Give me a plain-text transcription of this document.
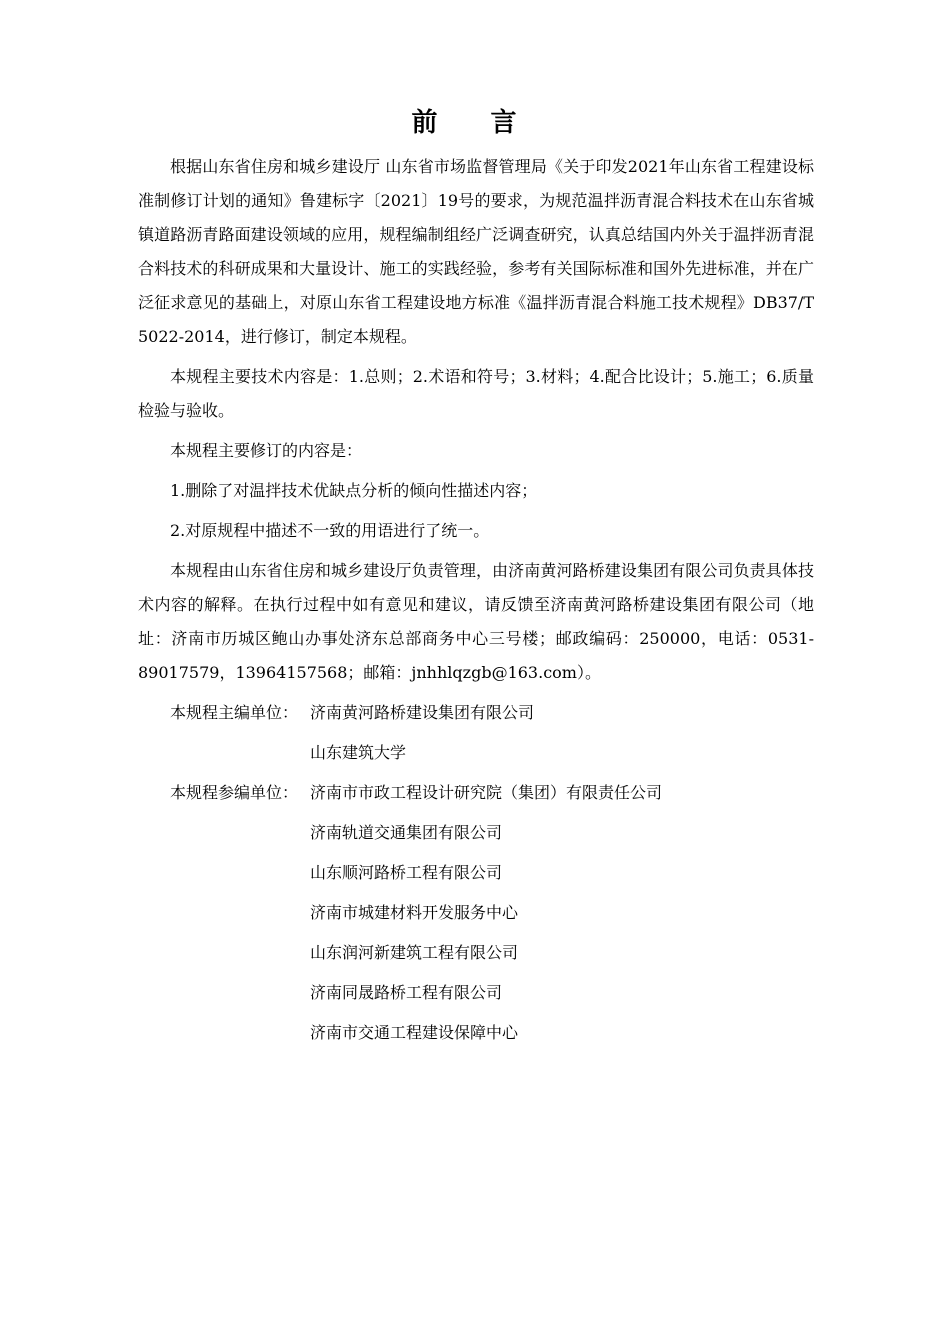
前 言

根据山东省住房和城乡建设厅 山东省市场监督管理局《关于印发2021年山东省工程建设标准制修订计划的通知》鲁建标字〔2021〕19号的要求，为规范温拌沥青混合料技术在山东省城镇道路沥青路面建设领域的应用，规程编制组经广泛调查研究，认真总结国内外关于温拌沥青混合料技术的科研成果和大量设计、施工的实践经验，参考有关国际标准和国外先进标准，并在广泛征求意见的基础上，对原山东省工程建设地方标准《温拌沥青混合料施工技术规程》DB37/T 5022-2014，进行修订，制定本规程。

本规程主要技术内容是：1.总则；2.术语和符号；3.材料；4.配合比设计；5.施工；6.质量检验与验收。

本规程主要修订的内容是：

1.删除了对温拌技术优缺点分析的倾向性描述内容；

2.对原规程中描述不一致的用语进行了统一。

本规程由山东省住房和城乡建设厅负责管理，由济南黄河路桥建设集团有限公司负责具体技术内容的解释。在执行过程中如有意见和建议，请反馈至济南黄河路桥建设集团有限公司（地址：济南市历城区鲍山办事处济东总部商务中心三号楼；邮政编码：250000，电话：0531-89017579，13964157568；邮箱：jnhhlqzgb@163.com）。

本规程主编单位： 济南黄河路桥建设集团有限公司
山东建筑大学
本规程参编单位： 济南市市政工程设计研究院（集团）有限责任公司
济南轨道交通集团有限公司
山东顺河路桥工程有限公司
济南市城建材料开发服务中心
山东润河新建筑工程有限公司
济南同晟路桥工程有限公司
济南市交通工程建设保障中心
